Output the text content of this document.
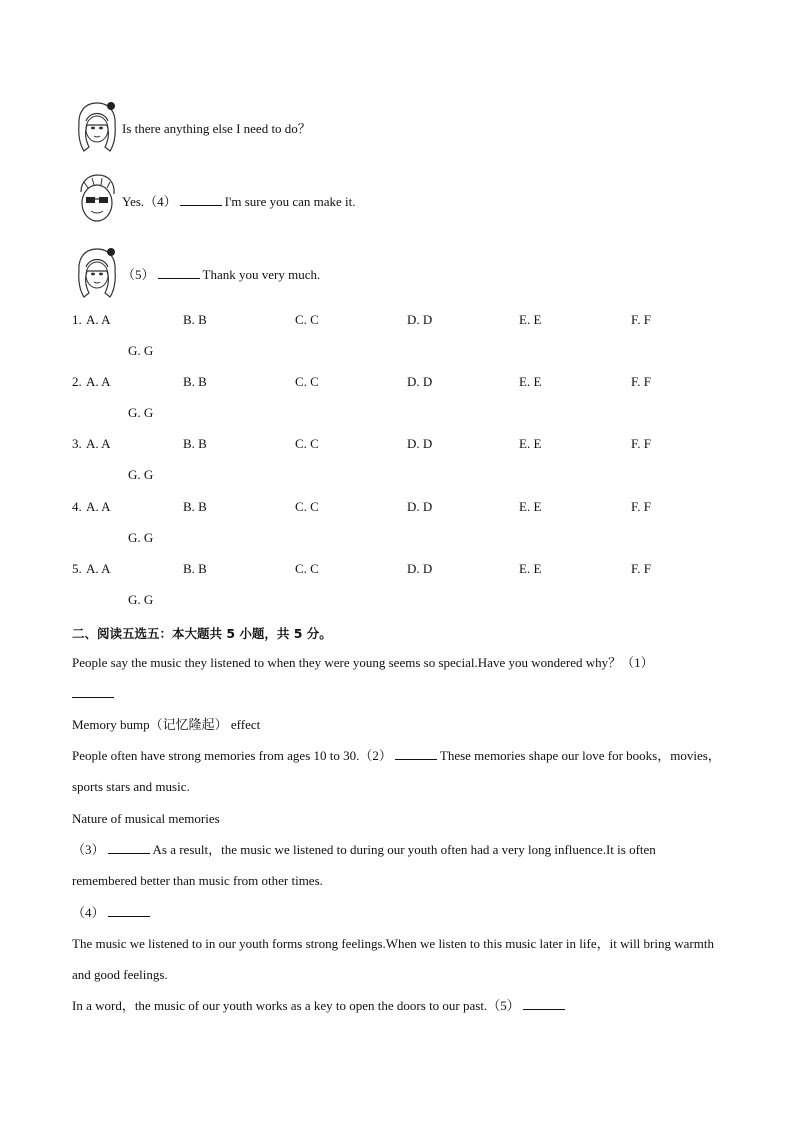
Is there anything else I need to do？
Yes.（4）	I'm sure you can make it.
（5）	Thank you very much.
1. A. A	B. B	C. C	D. D	E. E	F. F
G. G
2. A. A	B. B	C. C	D. D	E. E	F. F
G. G
3. A. A	B. B	C. C	D. D	E. E	F. F
G. G
4. A. A	B. B	C. C	D. D	E. E	F. F
G. G
5. A. A	B. B	C. C	D. D	E. E	F. F
G. G
二、阅读五选五：本大题共 5 小题，共 5 分。
People say the music they listened to when they were young seems so special.Have you wondered why？（1）

Memory bump（记忆隆起） effect
People often have strong memories from ages 10 to 30.（2）	These memories shape our love for books，movies，sports stars and music.
Nature of musical memories
（3）	As a result，the music we listened to during our youth often had a very long influence.It is often remembered better than music from other times.
（4）
The music we listened to in our youth forms strong feelings.When we listen to this music later in life，it will bring warmth and good feelings.
In a word，the music of our youth works as a key to open the doors to our past.（5）
